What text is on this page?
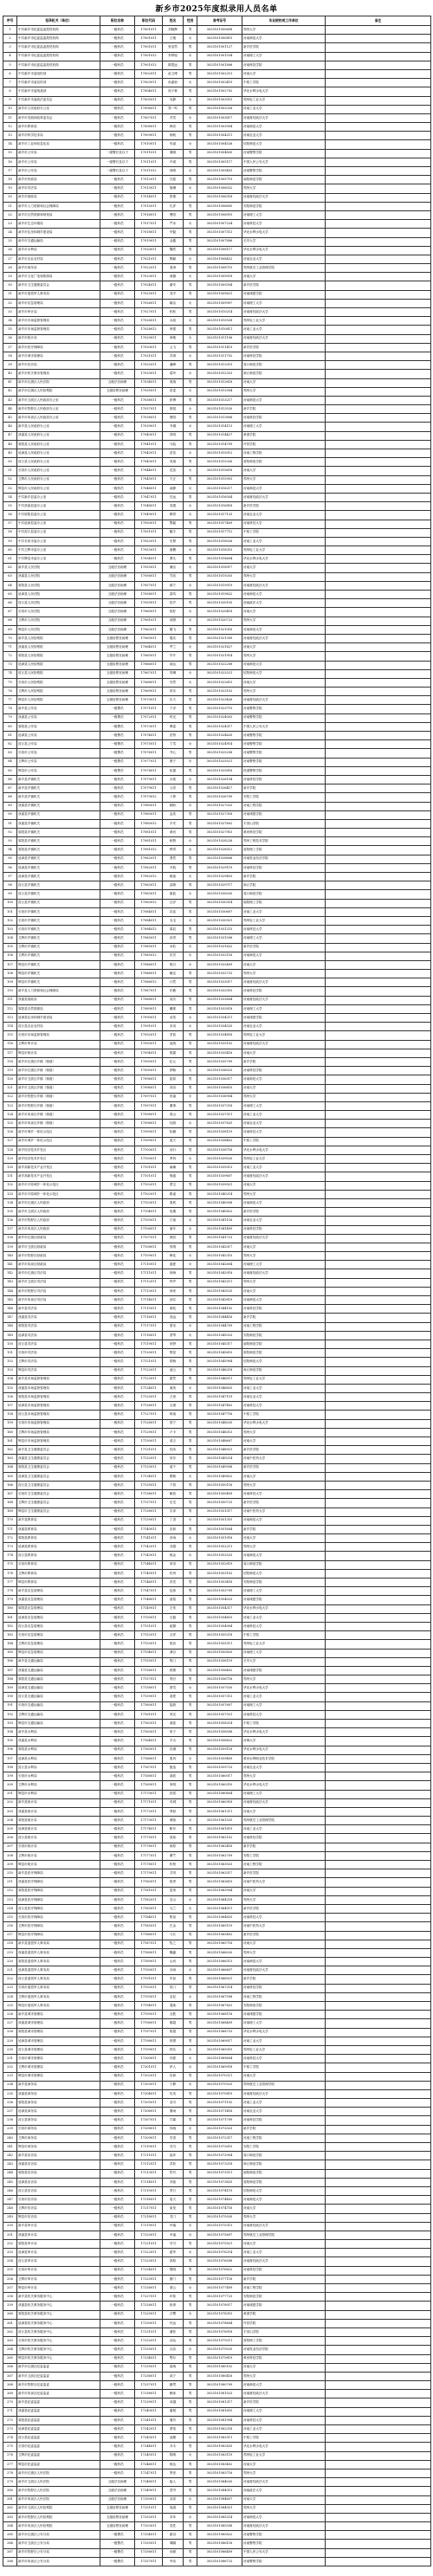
新乡市2025年度拟录用人员名单
序号	招录机关（单位）	职位名称	职位代码	姓名	性别	准考证号	毕业院校或工作单位	备注
1	中共新乡市纪委监委派驻机构	一级科员	17001011	刘晓辉	男	3025101000608	郑州大学	
2	中共新乡市纪委监委派驻机构	一级科员	17001011	王雅	女	3025101000815	河南师范大学	
3	中共新乡市纪委监委派驻机构	一级科员	17001011	张浩然	男	3025101001127	新乡医学院	
4	中共新乡市纪委监委派驻机构	一级科员	17001012	李梦瑶	女	3025101001534	河南理工大学	
5	中共新乡市纪委监委派驻机构	一级科员	17001012	陈思远	男	3025101001806	河南科技学院	
6	中共新乡市委组织部	一级科员	17002011	赵文博	男	3025101002213	河南大学	
7	中共新乡市委宣传部	一级科员	17003011	孙嘉怡	女	3025101002419	中原工学院	
8	中共新乡市委统战部	一级科员	17004011	周子豪	男	3025101002702	华北水利水电大学	
9	中共新乡市委政法委员会	一级科员	17005011	吴静	女	3025101003015	郑州轻工业大学	
10	新乡市人民政府办公室	一级科员	17006011	郑一鸣	男	3025101003328	河南工业大学	
11	新乡市发展和改革委员会	一级科员	17007011	冯雪	女	3025101003617	河南财经政法大学	
12	新乡市教育局	一级科员	17008011	韩亮	男	3025101003904	河南师范大学	
13	新乡市科学技术局	一级科员	17009011	杨帆	男	3025101004211	河南农业大学	
14	新乡市工业和信息化局	一级科员	17010011	朱丽	女	3025101004526	信阳师范大学	
15	新乡市公安局	一级警长及以下	17011011	秦刚	男	3025101004830	河南警察学院	
16	新乡市公安局	一级警长及以下	17011011	许诺	男	3025101005117	中国人民公安大学	
17	新乡市公安局	一级警长及以下	17011012	何晴	女	3025101005403	河南警察学院	
18	新乡市民政局	一级科员	17012011	吕振	男	3025101005719	南阳师范学院	
19	新乡市司法局	一级科员	17013011	施琳	女	3025101006022	郑州大学	
20	新乡市财政局	一级科员	17014011	张蕾	女	3025101006318	河南财经政法大学	
21	新乡市人力资源和社会保障局	一级科员	17015011	孔祥	男	3025101006605	安阳师范学院	
22	新乡市自然资源和规划局	一级科员	17016011	曹阳	男	3025101006910	河南理工大学	
23	新乡市生态环境局	一级科员	17017011	严冰	女	3025101007224	河南科技大学	
24	新乡市住房和城乡建设局	一级科员	17018011	华磊	男	3025101007513	华北水利水电大学	
25	新乡市交通运输局	一级科员	17019011	金鑫	男	3025101007806	长安大学	
26	新乡市水利局	一级科员	17020011	魏然	男	3025101008117	华北水利水电大学	
27	新乡市农业农村局	一级科员	17021011	陶颖	女	3025101008422	河南农业大学	
28	新乡市商务局	一级科员	17022011	姜涛	男	3025101008715	郑州航空工业管理学院	
29	新乡市文化广电和旅游局	一级科员	17023011	戚薇	女	3025101009018	河南大学	
30	新乡市卫生健康委员会	一级科员	17024011	谢安	男	3025101009304	新乡医学院	
31	新乡市退役军人事务局	一级科员	17025011	邹平	男	3025101009621	河南城建学院	
32	新乡市应急管理局	一级科员	17026011	喻洁	女	3025101009907	河南理工大学	
33	新乡市审计局	一级科员	17027011	柏松	男	3025101010214	河南财经政法大学	
34	新乡市市场监督管理局	一级科员	17028011	水晶	女	3025101010528	郑州轻工业大学	
35	新乡市市场监督管理局	一级科员	17028012	窦强	男	3025101010811	河南工业大学	
36	新乡市统计局	一级科员	17029011	章敏	女	3025101011106	河南财经政法大学	
37	新乡市医疗保障局	一级科员	17030011	云飞	男	3025101011419	新乡医学院	
38	新乡市城市管理局	一级科员	17031011	苏琪	女	3025101011702	河南科技学院	
39	新乡市信访局	一级科员	17032011	潘峰	男	3025101012015	周口师范学院	
40	新乡市机关事务管理局	一级科员	17033011	葛玲	女	3025101012323	商丘师范学院	
41	新乡市红旗区人民法院	五级法官助理	17034011	奚瑞	男	3025101012618	河南大学	
42	新乡市红旗区人民检察院	五级检察官助理	17035011	范雯	女	3025101012904	郑州大学	
43	新乡市卫滨区人民政府办公室	一级科员	17036011	彭博	男	3025101013217	河南师范大学	
44	新乡市牧野区人民政府办公室	一级科员	17037011	郎悦	女	3025101013520	新乡学院	
45	新乡市凤泉区人民政府办公室	一级科员	17038011	鲁阳	男	3025101013806	河南科技学院	
46	新乡县人民政府办公室	一级科员	17039011	韦娜	女	3025101014113	河南理工大学	
47	获嘉县人民政府办公室	一级科员	17040011	昌明	男	3025101014427	黄淮学院	
48	原阳县人民政府办公室	一级科员	17041011	马骁	男	3025101014709	许昌学院	
49	延津县人民政府办公室	一级科员	17042011	苗苗	女	3025101015012	河南工程学院	
50	封丘县人民政府办公室	一级科员	17043011	凤翔	男	3025101015326	洛阳师范学院	
51	长垣市人民政府办公室	一级科员	17044011	花蕊	女	3025101015618	河南大学	
52	卫辉市人民政府办公室	一级科员	17045011	方正	男	3025101015903	郑州大学	
53	辉县市人民政府办公室	一级科员	17046011	俞静	女	3025101016217	河南师范大学	
54	中共新乡县委办公室	一级科员	17047011	任远	男	3025101016504	河南财经政法大学	
55	中共获嘉县委办公室	一级科员	17048011	袁媛	女	3025101016818	新乡医学院	
56	中共原阳县委办公室	一级科员	17049011	柳青	女	3025101017125	河南农业大学	
57	中共延津县委办公室	一级科员	17050011	酆磊	男	3025101017409	河南科技大学	
58	中共封丘县委办公室	一级科员	17051011	鲍宇	男	3025101017712	中原工学院	
59	中共长垣市委办公室	一级科员	17052011	史册	男	3025101018026	河南工业大学	
60	中共卫辉市委办公室	一级科员	17053011	唐糖	女	3025101018310	郑州轻工业大学	
61	中共辉县市委办公室	一级科员	17054011	费凡	男	3025101018604	华北水利水电大学	
62	新乡县人民法院	五级法官助理	17055011	廉洁	女	3025101018917	河南大学	
63	获嘉县人民法院	五级法官助理	17056011	岑寂	男	3025101019203	郑州大学	
64	原阳县人民法院	五级法官助理	17057011	薛宁	女	3025101019519	河南财经政法大学	
65	延津县人民法院	五级法官助理	17058011	雷鸣	男	3025101019822	河南师范大学	
66	封丘县人民法院	五级法官助理	17059011	贺岁	男	3025101020105	西南政法大学	
67	长垣市人民法院	五级法官助理	17060011	倪好	女	3025101020418	河南大学	
68	卫辉市人民法院	五级法官助理	17061011	汤圆	女	3025101020723	郑州大学	
69	辉县市人民法院	五级法官助理	17062011	滕飞	男	3025101021016	河南师范大学	
70	新乡县人民检察院	五级检察官助理	17063011	殷实	男	3025101021309	河南财经政法大学	
71	获嘉县人民检察院	五级检察官助理	17064011	罗兰	女	3025101021627	河南大学	
72	原阳县人民检察院	五级检察官助理	17065011	毕升	男	3025101021914	郑州大学	
73	延津县人民检察院	五级检察官助理	17066011	郝运	男	3025101022208	河南师范大学	
74	封丘县人民检察院	五级检察官助理	17067011	邬琳	女	3025101022521	信阳师范大学	
75	长垣市人民检察院	五级检察官助理	17068011	安然	女	3025101022815	河南大学	
76	卫辉市人民检察院	五级检察官助理	17069011	常乐	男	3025101023102	郑州大学	
77	辉县市人民检察院	五级检察官助理	17070011	乐天	男	3025101023426	河南财经政法大学	
78	新乡县公安局	一级警员	17071011	于洋	男	3025101023719	河南警察学院	
79	获嘉县公安局	一级警员	17072011	时光	男	3025101024003	河南警察学院	
80	原阳县公安局	一级警员	17073011	傅雷	男	3025101024317	中国人民公安大学	
81	延津县公安局	一级警员	17074011	皮特	男	3025101024620	河南警察学院	
82	封丘县公安局	一级警员	17075011	卞雪	女	3025101024914	河南警察学院	
83	长垣市公安局	一级警员	17076011	齐心	男	3025101025208	河南警察学院	
84	卫辉市公安局	一级警员	17077011	康宁	女	3025101025521	河南警察学院	
85	辉县市公安局	一级警员	17078011	伍德	男	3025101025816	铁道警察学院	
86	新乡县乡镇机关	一级科员	17079011	余欢	女	3025101026104	河南科技学院	
87	新乡县乡镇机关	一级科员	17079011	元宵	男	3025101026417	新乡学院	
88	新乡县乡镇机关	一级科员	17079012	卜算	男	3025101026709	安阳工学院	
89	获嘉县乡镇机关	一级科员	17080011	顾盼	女	3025101027023	河南工程学院	
90	获嘉县乡镇机关	一级科员	17080011	孟浩	男	3025101027316	河南城建学院	
91	获嘉县乡镇机关	一级科员	17080012	平安	男	3025101027602	平顶山学院	
92	原阳县乡镇机关	一级科员	17081011	黄河	男	3025101027915	黄河科技学院	
93	原阳县乡镇机关	一级科员	17081011	和煦	女	3025101028228	郑州工程技术学院	
94	原阳县乡镇机关	一级科员	17081012	穆青	女	3025101028512	洛阳理工学院	
95	延津县乡镇机关	一级科员	17082011	萧然	男	3025101028806	河南牧业经济学院	
96	延津县乡镇机关	一级科员	17082011	尹航	男	3025101029119	河南科技学院	
97	延津县乡镇机关	一级科员	17082012	姚瑶	女	3025101029403	新乡学院	
98	封丘县乡镇机关	一级科员	17083011	邵康	男	3025101029717	商丘学院	
99	封丘县乡镇机关	一级科员	17083011	湛蓝	女	3025101030020	周口师范学院	
100	封丘县乡镇机关	一级科员	17083012	汪洋	男	3025101030314	南阳理工学院	
101	长垣市乡镇机关	一级科员	17084011	祁连	男	3025101030607	河南工业大学	
102	长垣市乡镇机关	一级科员	17084011	毛毛	女	3025101030921	郑州轻工业大学	
103	长垣市乡镇机关	一级科员	17084012	禹辰	男	3025101031215	河南科技大学	
104	卫辉市乡镇机关	一级科员	17085011	狄青	男	3025101031508	河南理工大学	
105	卫辉市乡镇机关	一级科员	17085011	米粒	女	3025101031822	新乡医学院	
106	卫辉市乡镇机关	一级科员	17085012	贝贝	女	3025101032116	河南师范大学	
107	辉县市乡镇机关	一级科员	17086011	明月	女	3025101032409	河南大学	
108	辉县市乡镇机关	一级科员	17086011	臧克	男	3025101032723	郑州大学	
109	辉县市乡镇机关	一级科员	17086012	计然	男	3025101033017	河南财经政法大学	
110	新乡县人力资源和社会保障局	一级科员	17087011	伏羲	男	3025101033310	河南科技学院	
111	获嘉县财政局	一级科员	17088011	成功	男	3025101033604	河南财经政法大学	
112	原阳县自然资源局	一级科员	17089011	戴维	男	3025101033918	河南理工大学	
113	延津县住房和城乡建设局	一级科员	17090011	谈笑	女	3025101034211	河南城建学院	
114	封丘县农业农村局	一级科员	17091011	宋词	女	3025101034525	河南农业大学	
115	长垣市市场监督管理局	一级科员	17092011	茅盾	男	3025101034818	郑州轻工业大学	
116	卫辉市审计局	一级科员	17093011	庞统	男	3025101035102	河南财经政法大学	
117	辉县市统计局	一级科员	17094011	熊猫	男	3025101035416	河南大学	
118	新乡市红旗区乡镇（街道）	一级科员	17095011	纪元	男	3025101035709	新乡学院	
119	新乡市红旗区乡镇（街道）	一级科员	17095011	舒畅	女	3025101036023	河南科技学院	
120	新乡市卫滨区乡镇（街道）	一级科员	17096011	屈原	男	3025101036317	河南师范大学	
121	新乡市卫滨区乡镇（街道）	一级科员	17096011	项羽	男	3025101036610	河南大学	
122	新乡市牧野区乡镇（街道）	一级科员	17097011	祝福	女	3025101036904	郑州大学	
123	新乡市牧野区乡镇（街道）	一级科员	17097011	董事	男	3025101037218	河南理工大学	
124	新乡市凤泉区乡镇（街道）	一级科员	17098011	梁山	男	3025101037511	河南工业大学	
125	新乡市凤泉区乡镇（街道）	一级科员	17098011	杜鹃	女	3025101037825	河南农业大学	
126	新乡市城乡一体化示范区	一级科员	17099011	阮籍	男	3025101038119	河南科技大学	
127	新乡市城乡一体化示范区	一级科员	17099011	蓝天	男	3025101038402	中原工学院	
128	新乡经济技术开发区	一级科员	17100011	闵行	男	3025101038716	华北水利水电大学	
129	新乡经济技术开发区	一级科员	17100011	季风	女	3025101039020	郑州轻工业大学	
130	新乡高新技术产业开发区	一级科员	17101011	麻辣	男	3025101039313	河南工业大学	
131	新乡高新技术产业开发区	一级科员	17101011	强盛	男	3025101039607	河南财经政法大学	
132	新乡市平原城乡一体化示范区	一级科员	17102011	贾宝	男	3025101039921	河南大学	
133	新乡市平原城乡一体化示范区	一级科员	17102011	路遥	男	3025101040214	郑州大学	
134	新乡市红旗区人民政府	一级科员	17103011	娄底	男	3025101040508	河南师范大学	
135	新乡市卫滨区人民政府	一级科员	17104011	危楼	男	3025101040822	新乡医学院	
136	新乡市牧野区人民政府	一级科员	17105011	江南	女	3025101041116	河南农业大学	
137	新乡市凤泉区人民政府	一级科员	17106011	童年	女	3025101041409	河南科技学院	
138	新乡市红旗区财政局	一级科员	17107011	颜回	男	3025101041723	河南财经政法大学	
139	新乡市卫滨区财政局	一级科员	17108011	郭靖	男	3025101042017	河南大学	
140	新乡市牧野区财政局	一级科员	17109011	梅花	女	3025101042310	郑州大学	
141	新乡市凤泉区财政局	一级科员	17110011	盛夏	女	3025101042604	河南理工大学	
142	新乡市红旗区司法局	一级科员	17111011	林海	男	3025101042918	河南财经政法大学	
143	新乡市卫滨区司法局	一级科员	17112011	钟声	男	3025101043211	郑州大学	
144	新乡市牧野区司法局	一级科员	17113011	徐来	男	3025101043525	河南大学	
145	新乡市凤泉区司法局	一级科员	17114011	邱实	男	3025101043819	河南师范大学	
146	新乡县司法局	一级科员	17115011	骆驼	男	3025101044102	河南科技学院	
147	获嘉县司法局	一级科员	17116011	高远	男	3025101044416	新乡学院	
148	原阳县司法局	一级科员	17117011	夏至	女	3025101044709	河南工程学院	
149	延津县司法局	一级科员	17118011	蔡琴	女	3025101045023	安阳师范学院	
150	封丘县司法局	一级科员	17119011	田野	男	3025101045317	南阳师范学院	
151	长垣市司法局	一级科员	17120011	樊星	男	3025101045610	洛阳师范学院	
152	卫辉市司法局	一级科员	17121011	胡杨	男	3025101045904	信阳师范大学	
153	辉县市司法局	一级科员	17122011	凌云	男	3025101046218	商丘师范学院	
154	新乡县市场监督管理局	一级科员	17123011	霍然	男	3025101046511	郑州轻工业大学	
155	获嘉县市场监督管理局	一级科员	17124011	虞美	女	3025101046825	河南工业大学	
156	原阳县市场监督管理局	一级科员	17125011	万里	男	3025101047119	河南农业大学	
157	延津县市场监督管理局	一级科员	17126011	支援	男	3025101047402	河南科技大学	
158	封丘县市场监督管理局	一级科员	17127011	柯南	男	3025101047716	中原工学院	
159	长垣市市场监督管理局	一级科员	17128011	管宁	男	3025101048020	华北水利水电大学	
160	卫辉市市场监督管理局	一级科员	17129011	卢卡	男	3025101048313	郑州大学	
161	辉县市市场监督管理局	一级科员	17130011	莫言	男	3025101048607	河南大学	
162	新乡县卫生健康委员会	一级科员	17131011	经纬	男	3025101048921	新乡医学院	
163	获嘉县卫生健康委员会	一级科员	17132011	房东	男	3025101049214	河南中医药大学	
164	原阳县卫生健康委员会	一级科员	17133011	裘千	男	3025101049508	新乡医学院	
165	延津县卫生健康委员会	一级科员	17134011	缪斯	女	3025101049822	河南大学	
166	封丘县卫生健康委员会	一级科员	17135011	干将	男	3025101050116	郑州大学	
167	长垣市卫生健康委员会	一级科员	17136011	解放	男	3025101050409	河南科技大学	
168	卫辉市卫生健康委员会	一级科员	17137011	应龙	男	3025101050723	新乡医学院	
169	辉县市卫生健康委员会	一级科员	17138011	宗泽	男	3025101051017	河南中医药大学	
170	新乡县教育局	一级科员	17139011	丁香	女	3025101051310	河南师范大学	
171	获嘉县教育局	一级科员	17140011	宣和	男	3025101051604	新乡学院	
172	原阳县教育局	一级科员	17141011	贲雨	女	3025101051918	河南大学	
173	延津县教育局	一级科员	17142011	邓超	男	3025101052211	郑州大学	
174	封丘县教育局	一级科员	17143011	郁金	女	3025101052525	河南师范大学	
175	长垣市教育局	一级科员	17144011	单田	男	3025101052819	周口师范学院	
176	卫辉市教育局	一级科员	17145011	杭州	男	3025101053102	信阳师范大学	
177	辉县市教育局	一级科员	17146011	洪亮	男	3025101053416	安阳师范学院	
178	新乡县应急管理局	一级科员	17147011	包拯	男	3025101053709	河南理工大学	
179	获嘉县应急管理局	一级科员	17148011	诸葛	男	3025101054023	河南城建学院	
180	原阳县应急管理局	一级科员	17149011	左传	男	3025101054317	华北水利水电大学	
181	延津县应急管理局	一级科员	17150011	石磊	男	3025101054610	河南工业大学	
182	封丘县应急管理局	一级科员	17151011	崔颢	男	3025101054904	河南科技大学	
183	长垣市应急管理局	一级科员	17152011	吉祥	男	3025101055218	中原工学院	
184	卫辉市应急管理局	一级科员	17153011	钮扣	男	3025101055511	郑州轻工业大学	
185	辉县市应急管理局	一级科员	17154011	龚自	男	3025101055825	河南理工大学	
186	新乡县交通运输局	一级科员	17155011	程门	男	3025101056119	长安大学	
187	获嘉县交通运输局	一级科员	17156011	嵇康	男	3025101056402	河南城建学院	
188	原阳县交通运输局	一级科员	17157011	邢台	男	3025101056716	郑州大学	
189	延津县交通运输局	一级科员	17158011	滑雪	女	3025101057020	华北水利水电大学	
190	封丘县交通运输局	一级科员	17159011	裴度	男	3025101057313	河南工业大学	
191	长垣市交通运输局	一级科员	17160011	陆游	男	3025101057607	河南理工大学	
192	卫辉市交通运输局	一级科员	17161011	荣光	男	3025101057921	河南科技大学	
193	辉县市交通运输局	一级科员	17162011	翁卷	男	3025101058214	中原工学院	
194	新乡县水利局	一级科员	17163011	荀子	男	3025101058508	华北水利水电大学	
195	获嘉县水利局	一级科员	17164011	羊舌	男	3025101058822	河海大学	
196	原阳县水利局	一级科员	17165011	於潜	男	3025101059116	华北水利水电大学	
197	延津县水利局	一级科员	17166011	惠风	女	3025101059409	黄河水利职业技术学院	
198	封丘县水利局	一级科员	17167011	甄选	男	3025101059723	河南农业大学	
199	长垣市水利局	一级科员	17168011	曲波	男	3025101060017	郑州大学	
200	卫辉市水利局	一级科员	17169011	家明	男	3025101060310	华北水利水电大学	
201	辉县市水利局	一级科员	17170011	封侯	男	3025101060604	河南理工大学	
202	新乡县统计局	一级科员	17171011	芮城	男	3025101060918	河南财经政法大学	
203	获嘉县统计局	一级科员	17172011	羿射	男	3025101061211	河南大学	
204	原阳县统计局	一级科员	17173011	储备	女	3025101061525	郑州航空工业管理学院	
205	延津县统计局	一级科员	17174011	靳东	男	3025101061819	河南工业大学	
206	封丘县统计局	一级科员	17175011	汲取	男	3025101062102	河南科技学院	
207	长垣市统计局	一级科员	17176011	邴原	男	3025101062416	新乡学院	
208	卫辉市统计局	一级科员	17177011	糜竺	男	3025101062709	安阳工学院	
209	辉县市统计局	一级科员	17178011	松柏	男	3025101063023	河南工程学院	
210	新乡县医疗保障局	一级科员	17179011	井冈	男	3025101063317	新乡医学院	
211	获嘉县医疗保障局	一级科员	17180011	段誉	男	3025101063610	河南中医药大学	
212	原阳县医疗保障局	一级科员	17181011	富贵	男	3025101063904	河南大学	
213	延津县医疗保障局	一级科员	17182011	巫山	女	3025101064218	郑州大学	
214	封丘县医疗保障局	一级科员	17183011	乌兰	女	3025101064511	新乡医学院	
215	长垣市医疗保障局	一级科员	17184011	焦裕	男	3025101064825	河南科技大学	
216	卫辉市医疗保障局	一级科员	17185011	巴金	男	3025101065119	河南中医药大学	
217	辉县市医疗保障局	一级科员	17186011	弓长	男	3025101065402	新乡医学院	
218	新乡县退役军人事务局	一级科员	17187011	牧之	男	3025101065716	河南大学	
219	获嘉县退役军人事务局	一级科员	17188011	隗嚣	男	3025101066020	郑州大学	
220	原阳县退役军人事务局	一级科员	17189011	山河	男	3025101066313	河南师范大学	
221	延津县退役军人事务局	一级科员	17190011	谷雨	女	3025101066607	河南财经政法大学	
222	封丘县退役军人事务局	一级科员	17191011	车前	男	3025101066921	新乡学院	
223	长垣市退役军人事务局	一级科员	17192011	侯门	男	3025101067214	河南科技学院	
224	卫辉市退役军人事务局	一级科员	17193011	宓妃	女	3025101067508	河南工程学院	
225	辉县市退役军人事务局	一级科员	17194011	蓬莱	男	3025101067822	安阳师范学院	
226	新乡县城市管理局	一级科员	17195011	全胜	男	3025101068116	河南城建学院	
227	获嘉县城市管理局	一级科员	17196011	郗超	男	3025101068409	河南理工大学	
228	原阳县城市管理局	一级科员	17197011	班超	男	3025101068723	华北水利水电大学	
229	延津县城市管理局	一级科员	17198011	仰望	男	3025101069017	河南工业大学	
230	封丘县城市管理局	一级科员	17199011	秋实	女	3025101069310	郑州轻工业大学	
231	长垣市城市管理局	一级科员	17200011	仲夏	女	3025101069604	河南科技大学	
232	卫辉市城市管理局	一级科员	17201011	伊人	女	3025101069918	中原工学院	
233	辉县市城市管理局	一级科员	17202011	宫商	男	3025101070211	河南大学	
234	新乡县商务局	一级科员	17203011	宁静	女	3025101070525	郑州航空工业管理学院	
235	获嘉县商务局	一级科员	17204011	仇英	男	3025101070819	河南财经政法大学	
236	原阳县商务局	一级科员	17205011	栾川	男	3025101071102	河南工业大学	
237	延津县商务局	一级科员	17206011	暴雨	男	3025101071416	河南农业大学	
238	封丘县商务局	一级科员	17207011	甘霖	男	3025101071709	河南科技学院	
239	长垣市商务局	一级科员	17208011	钭晓	女	3025101072023	新乡学院	
240	卫辉市商务局	一级科员	17209011	厉害	男	3025101072317	河南工程学院	
241	辉县市商务局	一级科员	17210011	戎马	男	3025101072610	安阳工学院	
242	新乡县信访局	一级科员	17211011	祖冲	男	3025101072904	周口师范学院	
243	获嘉县信访局	一级科员	17212011	武松	男	3025101073218	商丘师范学院	
244	原阳县信访局	一级科员	17213011	符号	男	3025101073511	南阳师范学院	
245	延津县信访局	一级科员	17214011	刘备	男	3025101073825	洛阳师范学院	
246	封丘县信访局	一级科员	17215011	景行	男	3025101074119	信阳师范大学	
247	长垣市信访局	一级科员	17216011	詹天	男	3025101074402	河南师范大学	
248	卫辉市信访局	一级科员	17217011	束发	男	3025101074716	河南大学	
249	辉县市信访局	一级科员	17218011	龙门	男	3025101075020	郑州大学	
250	新乡县审计局	一级科员	17219011	叶落	女	3025101075313	河南财经政法大学	
251	获嘉县审计局	一级科员	17220011	幸福	女	3025101075607	郑州航空工业管理学院	
252	原阳县审计局	一级科员	17221011	司马	男	3025101075921	河南大学	
253	延津县审计局	一级科员	17222011	韶华	女	3025101076214	河南工业大学	
254	封丘县审计局	一级科员	17223011	郜原	男	3025101076508	河南财经政法大学	
255	长垣市审计局	一级科员	17224011	黎明	男	3025101076822	河南科技学院	
256	卫辉市审计局	一级科员	17225011	蓟门	男	3025101077116	新乡学院	
257	辉县市审计局	一级科员	17226011	薄云	女	3025101077409	河南工程学院	
258	新乡县机关事务服务中心	一级科员	17227011	印象	男	3025101077723	安阳师范学院	
259	获嘉县机关事务服务中心	一级科员	17228011	宿命	男	3025101078017	河南城建学院	
260	原阳县机关事务服务中心	一级科员	17229011	白鹭	女	3025101078310	黄淮学院	
261	延津县机关事务服务中心	一级科员	17230011	怀远	男	3025101078604	许昌学院	
262	封丘县机关事务服务中心	一级科员	17231011	蒲松	男	3025101078918	平顶山学院	
263	长垣市机关事务服务中心	一级科员	17232011	邰达	男	3025101079211	洛阳理工学院	
264	卫辉市机关事务服务中心	一级科员	17233011	从容	女	3025101079525	河南牧业经济学院	
265	辉县市机关事务服务中心	一级科员	17234011	鄂尔	男	3025101079819	黄河科技学院	
266	新乡市红旗区纪委监委	一级科员	17235011	索朗	男	3025101080102	河南大学	
267	新乡市卫滨区纪委监委	一级科员	17236011	咸宁	男	3025101080416	郑州大学	
268	新乡市牧野区纪委监委	一级科员	17237011	籍贯	男	3025101080709	河南师范大学	
269	新乡市凤泉区纪委监委	一级科员	17238011	赖床	男	3025101081023	河南财经政法大学	
270	新乡县纪委监委	一级科员	17239011	卓越	男	3025101081317	新乡医学院	
271	获嘉县纪委监委	一级科员	17240011	蔺相	男	3025101081610	河南理工大学	
272	原阳县纪委监委	一级科员	17241011	屠苏	男	3025101081904	河南科技大学	
273	延津县纪委监委	一级科员	17242011	蒙恬	男	3025101082218	河南工业大学	
274	封丘县纪委监委	一级科员	17243011	池塘	女	3025101082511	中原工学院	
275	长垣市纪委监委	一级科员	17244011	乔木	男	3025101082825	华北水利水电大学	
276	卫辉市纪委监委	一级科员	17245011	阴晴	女	3025101083119	郑州轻工业大学	
277	辉县市纪委监委	一级科员	17246011	郁达	男	3025101083402	河南大学	
278	新乡市红旗区人民法院	一级科员	17247011	胥吏	男	3025101083716	郑州大学	
279	新乡市卫滨区人民法院	五级法官助理	17248011	能人	男	3025101084020	河南财经政法大学	
280	新乡市牧野区人民法院	五级法官助理	17249011	苍穹	男	3025101084313	西南政法大学	
281	新乡市凤泉区人民法院	五级法官助理	17250011	双喜	女	3025101084607	河南大学	
282	新乡市卫滨区人民检察院	五级检察官助理	17251011	闻道	男	3025101084921	郑州大学	
283	新乡市牧野区人民检察院	五级检察官助理	17252011	莘莘	女	3025101085214	河南师范大学	
284	新乡市凤泉区人民检察院	五级检察官助理	17253011	党性	男	3025101085508	河南财经政法大学	
285	新乡市红旗区公安分局	一级警员	17254011	翟羽	男	3025101085822	河南警察学院	
286	新乡市卫滨区公安分局	一级警员	17255011	谭嗣	男	3025101086116	河南警察学院	
287	新乡市牧野区公安分局	一级警员	17256011	贡献	男	3025101086409	中国人民公安大学	
288	新乡市凤泉区公安分局	一级警员	17257011	劳动	男	3025101086723	河南警察学院	
